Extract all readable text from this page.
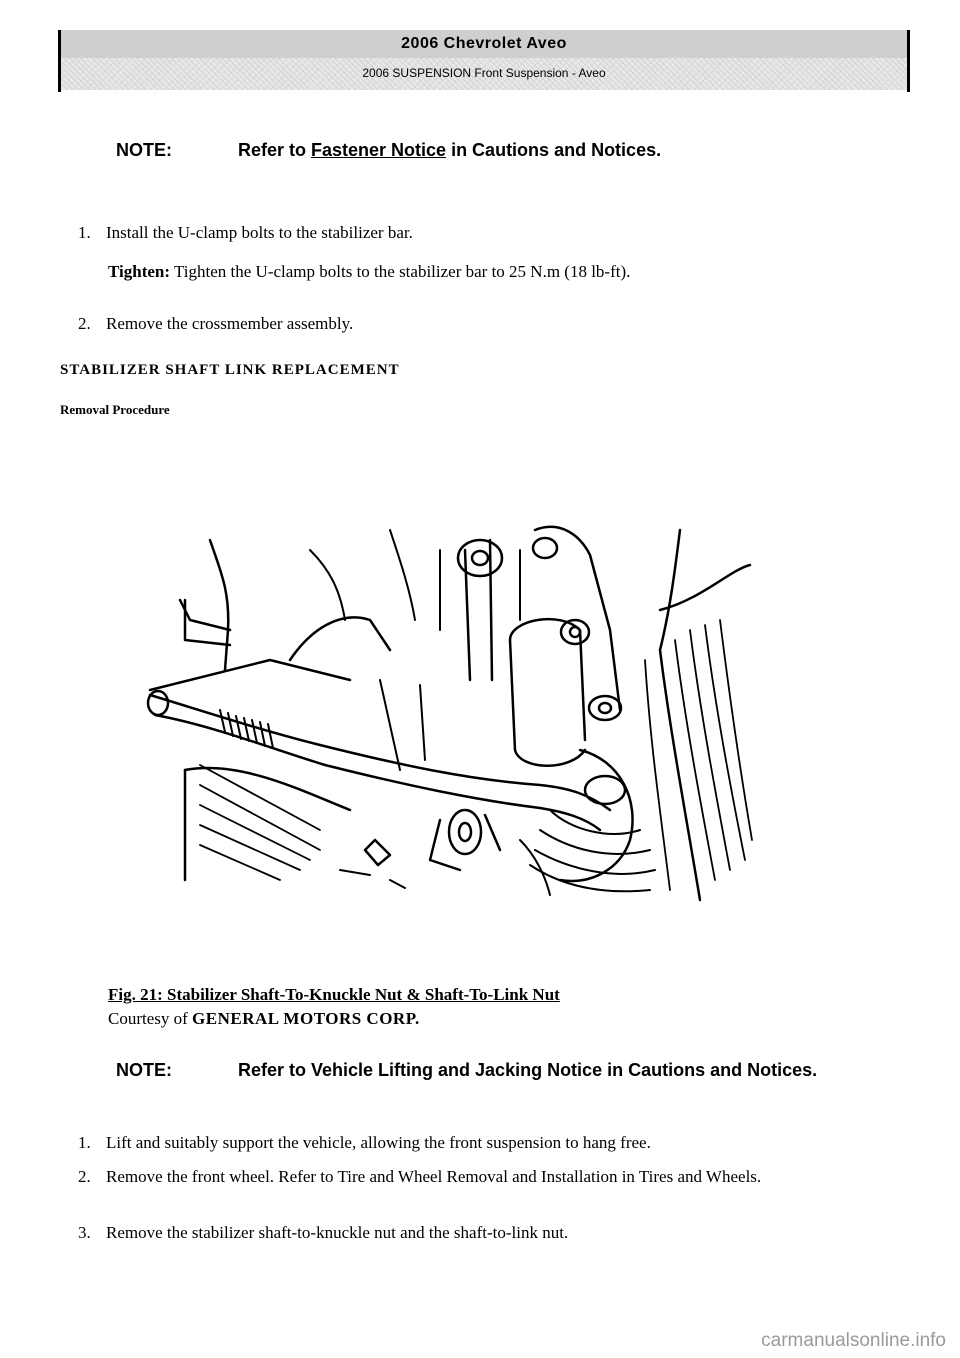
2006 Chevrolet Aveo
2006 SUSPENSION Front Suspension - Aveo
NOTE:	Refer to Fastener Notice in Cautions and Notices.
1. Install the U-clamp bolts to the stabilizer bar.
Tighten: Tighten the U-clamp bolts to the stabilizer bar to 25 N.m (18 lb-ft).
2. Remove the crossmember assembly.
STABILIZER SHAFT LINK REPLACEMENT
Removal Procedure
Fig. 21: Stabilizer Shaft-To-Knuckle Nut & Shaft-To-Link Nut
Courtesy of GENERAL MOTORS CORP.
NOTE:	Refer to Vehicle Lifting and Jacking Notice in Cautions and Notices.
1. Lift and suitably support the vehicle, allowing the front suspension to hang free.
2. Remove the front wheel. Refer to Tire and Wheel Removal and Installation in Tires and Wheels.
3. Remove the stabilizer shaft-to-knuckle nut and the shaft-to-link nut.
carmanualsonline.info
